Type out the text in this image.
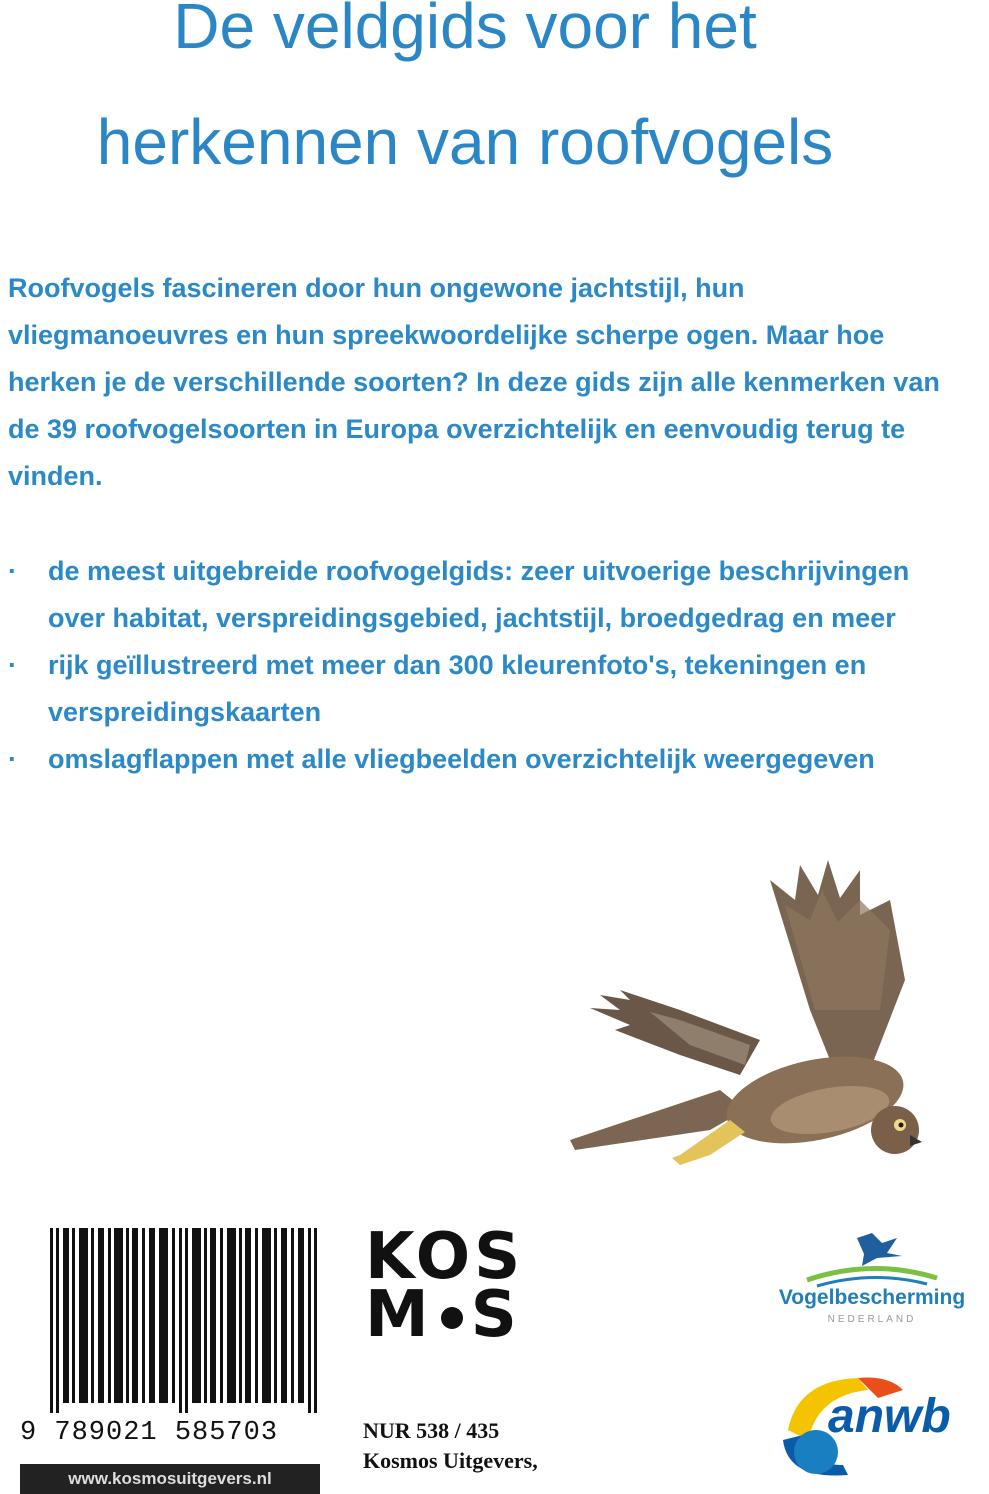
De veldgids voor het
herkennen van roofvogels

Roofvogels fascineren door hun ongewone jachtstijl, hun vliegmanoeuvres en hun spreekwoordelijke scherpe ogen. Maar hoe herken je de verschillende soorten? In deze gids zijn alle kenmerken van de 39 roofvogelsoorten in Europa overzichtelijk en eenvoudig terug te vinden.

· de meest uitgebreide roofvogelgids: zeer uitvoerige beschrijvingen over habitat, verspreidingsgebied, jachtstijl, broedgedrag en meer
· rijk geïllustreerd met meer dan 300 kleurenfoto's, tekeningen en verspreidingskaarten
· omslagflappen met alle vliegbeelden overzichtelijk weergegeven
9 789021 585703
www.kosmosuitgevers.nl
KOS
M S
NUR 538 / 435
Kosmos Uitgevers,
Vogelbescherming
NEDERLAND
anwb
